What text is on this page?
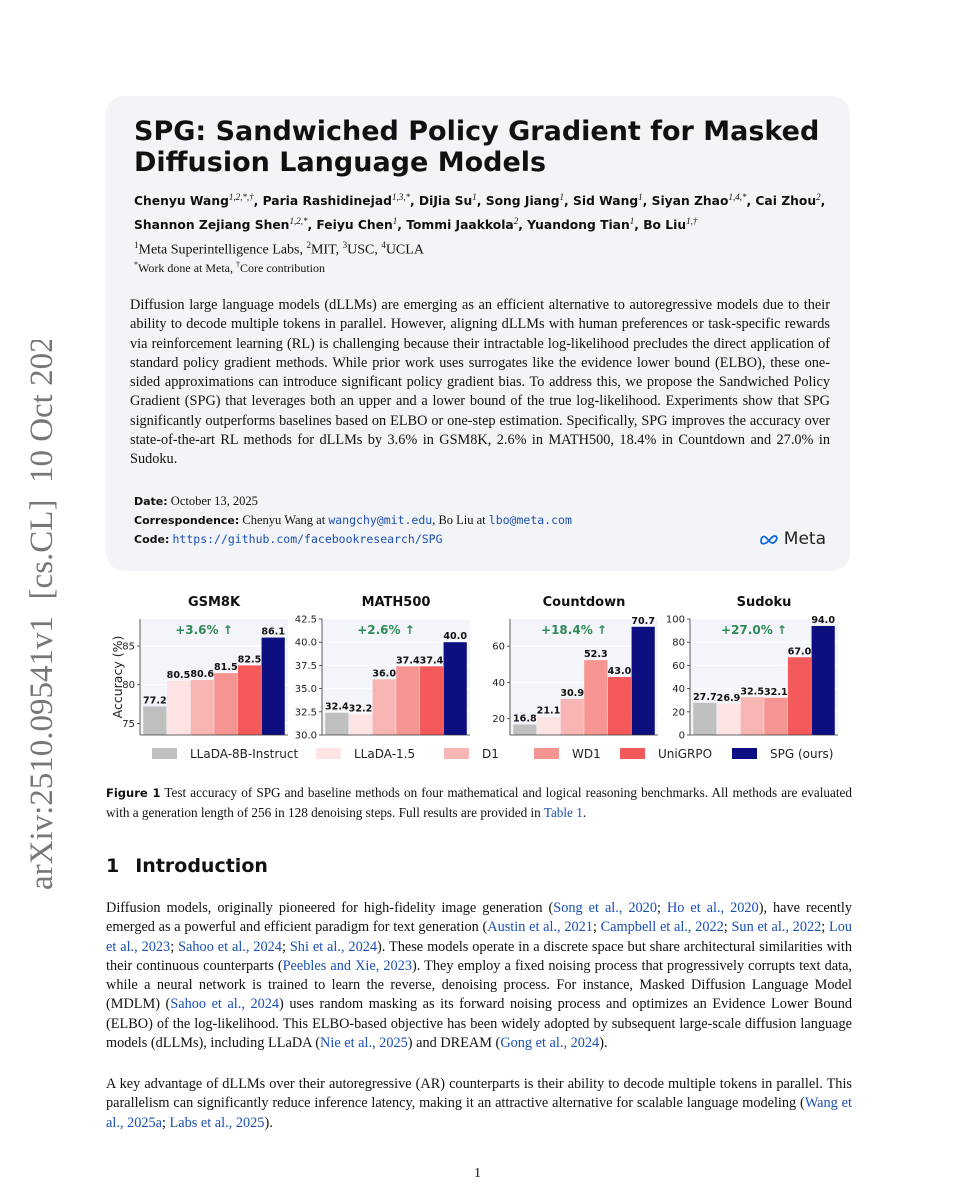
arXiv:2510.09541v1  [cs.CL]  10 Oct 2025
SPG: Sandwiched Policy Gradient for Masked
Diffusion Language Models
Chenyu Wang$^{1,2,*,\dagger}$, Paria Rashidinejad$^{1,3,*}$, DiJia Su$^1$, Song Jiang$^1$, Sid Wang$^1$, Siyan Zhao$^{1,4,*}$, Cai Zhou$^2$,
Shannon Zejiang Shen$^{1,2,*}$, Feiyu Chen$^1$, Tommi Jaakkola$^2$, Yuandong Tian$^1$, Bo Liu$^{1,\dagger}$
$^1$Meta Superintelligence Labs, $^2$MIT, $^3$USC, $^4$UCLA
*Work done at Meta, †Core contribution

Diffusion large language models (dLLMs) are emerging as an efficient alternative to autoregressive models due to their ability to decode multiple tokens in parallel. However, aligning dLLMs with human preferences or task-specific rewards via reinforcement learning (RL) is challenging because their intractable log-likelihood precludes the direct application of standard policy gradient methods. While prior work uses surrogates like the evidence lower bound (ELBO), these one-sided approximations can introduce significant policy gradient bias. To address this, we propose the Sandwiched Policy Gradient (SPG) that leverages both an upper and a lower bound of the true log-likelihood. Experiments show that SPG significantly outperforms baselines based on ELBO or one-step estimation. Specifically, SPG improves the accuracy over state-of-the-art RL methods for dLLMs by 3.6% in GSM8K, 2.6% in MATH500, 18.4% in Countdown and 27.0% in Sudoku.

Date: October 13, 2025
Correspondence: Chenyu Wang at wangchy@mit.edu, Bo Liu at lbo@meta.com
Code: https://github.com/facebookresearch/SPG	Meta
Accuracy (%)
75
80
85
77.2
80.5 80.6
81.5
82.5
86.1
GSM8K
+3.6% ↑
30.0
32.5
35.0
37.5
40.0
42.5
32.4 32.2
36.0
37.4 37.4
40.0
MATH500
+2.6% ↑
20
40
60
16.8
21.1
30.9
52.3
43.0
70.7
Countdown
+18.4% ↑
0
20
40
60
80
100
27.7 26.9
32.5 32.1
67.0
94.0
Sudoku
+27.0% ↑
LLaDA-8B-Instruct	LLaDA-1.5	D1	WD1	UniGRPO	SPG (ours)

Figure 1 Test accuracy of SPG and baseline methods on four mathematical and logical reasoning benchmarks. All methods are evaluated with a generation length of 256 in 128 denoising steps. Full results are provided in Table 1.

1 Introduction

Diffusion models, originally pioneered for high-fidelity image generation (Song et al., 2020; Ho et al., 2020), have recently emerged as a powerful and efficient paradigm for text generation (Austin et al., 2021; Campbell et al., 2022; Sun et al., 2022; Lou et al., 2023; Sahoo et al., 2024; Shi et al., 2024). These models operate in a discrete space but share architectural similarities with their continuous counterparts (Peebles and Xie, 2023). They employ a fixed noising process that progressively corrupts text data, while a neural network is trained to learn the reverse, denoising process. For instance, Masked Diffusion Language Model (MDLM) (Sahoo et al., 2024) uses random masking as its forward noising process and optimizes an Evidence Lower Bound (ELBO) of the log-likelihood. This ELBO-based objective has been widely adopted by subsequent large-scale diffusion language models (dLLMs), including LLaDA (Nie et al., 2025) and DREAM (Gong et al., 2024).

A key advantage of dLLMs over their autoregressive (AR) counterparts is their ability to decode multiple tokens in parallel. This parallelism can significantly reduce inference latency, making it an attractive alternative for scalable language modeling (Wang et al., 2025a; Labs et al., 2025).

1
